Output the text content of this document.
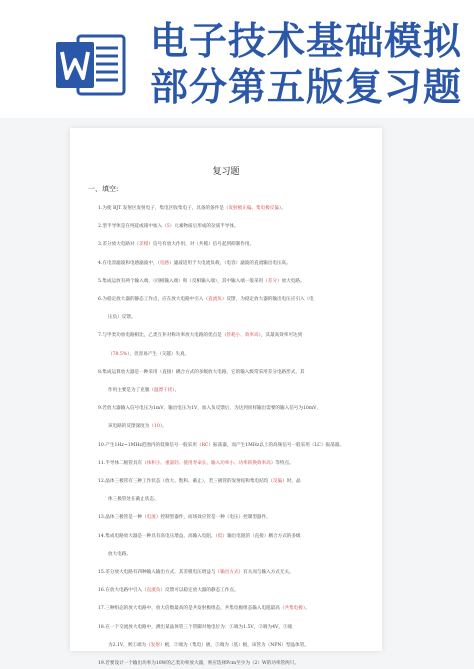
电子技术基础模拟
部分第五版复习题
复习题
一、填空:
1.为使 BJT 发射区发射电子，集电区收集电子，具备的条件是（发射极正偏、集电极反偏）。
2.型半导体是在纯硅或锗中加入（5）元素物质后形成的杂质半导体。
3.差分放大电路对（差模）信号有放大作用，对（共模）信号起到抑制作用。
4.在电容滤波和电感滤波中，（电感）滤波适用于大电流负载，（电容）滤波的直流输出电压高。
5.集成运放有两个输入端，（同相输入端）和（反相输入端），其中输入端一般采用（差分）放大电路。
6.为稳定放大器的静态工作点，应在放大电路中引入（直流负）反馈，为稳定放大器的输出电压应引入（电
压负）反馈。
7.与甲类功放电路相比，乙类互补对称功率放大电路的优点是（管耗小、效率高），其最高效率可达到
（78.5%），但容易产生（交越）失真。
8.集成运算放大器是一种采用（直接）耦合方式的多级放大电路，它的输入级常采用差分电路形式，其
作用主要是为了克服（温漂干扰）。
9.若放大器输入信号电压为1mV，输出电压为1V，加入负反馈后，为达到同样输出需要的输入信号为10mV，
该电路的反馈深度为（10）。
10.产生1Hz~1MHz范围内的低频信号一般采用（RC）振荡器，而产生1MHz以上的高频信号一般采用（LC）振荡器。
11.半导体二极管具有（体积小、重量轻、使用寿命长、输入功率小、功率转换效率高）等特点。
12.晶体三极管有三种工作状态（放大、饱和、截止），若三极管的发射结和集电结均（反偏）时，晶
体三极管处在截止状态。
13.晶体三极管是一种（电流）控制型器件，而场效应管是一种（电压）控制型器件。
14.集成电路放大器是一种具有高电压增益、高输入电阻、（低）输出电阻的（直接）耦合方式的多级
放大电路。
15.差分放大电路有四种输入输出方式，其差模电压增益与（输出方式）有关而与输入方式无关。
16.在放大电路中引入（直流负）反馈可以稳定放大器的静态工作点。
17.三种组态的放大电路中，放大倍数最高的是共发射极组态，共集电极组态输入电阻最高（共集电极）。
18.在一个交流放大电路中，测出某晶体管三个管脚对地电位为：①端为1.5V，②端为4V，③端
为2.1V，则①端为（发射）极，②端为（集电）极，③端为（基）极，该管为（NPN）型晶体管。
19.若要设计一个输出功率为10W的乙类功率放大器，则应选择Pcm至少为（2）W的功率管两只。
